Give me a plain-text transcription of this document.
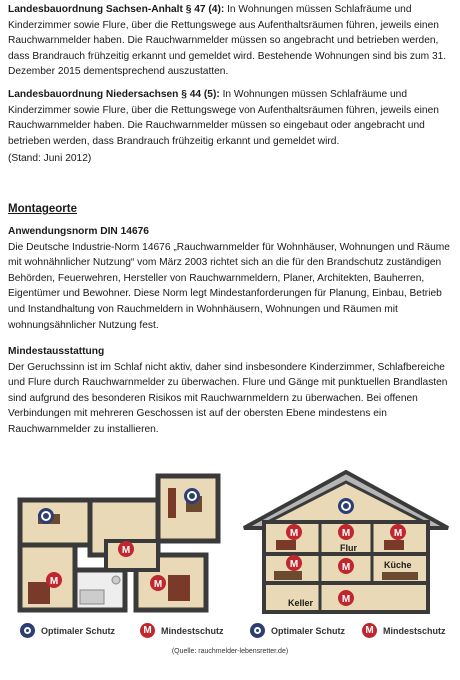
Landesbauordnung Sachsen-Anhalt § 47 (4): In Wohnungen müssen Schlafräume und Kinderzimmer sowie Flure, über die Rettungswege aus Aufenthaltsräumen führen, jeweils einen Rauchwarnmelder haben. Die Rauchwarnmelder müssen so angebracht und betrieben werden, dass Brandrauch frühzeitig erkannt und gemeldet wird. Bestehende Wohnungen sind bis zum 31. Dezember 2015 dementsprechend auszustatten.

Landesbauordnung Niedersachsen § 44 (5): In Wohnungen müssen Schlafräume und Kinderzimmer sowie Flure, über die Rettungswege von Aufenthaltsräumen führen, jeweils einen Rauchwarnmelder haben. Die Rauchwarnmelder müssen so eingebaut oder angebracht und betrieben werden, dass Brandrauch frühzeitig erkannt und gemeldet wird.

(Stand: Juni 2012)
Montageorte

Anwendungsnorm DIN 14676

Die Deutsche Industrie-Norm 14676 „Rauchwarnmelder für Wohnhäuser, Wohnungen und Räume mit wohnähnlicher Nutzung“ vom März 2003 richtet sich an die für den Brandschutz zuständigen Behörden, Feuerwehren, Hersteller von Rauchwarnmeldern, Planer, Architekten, Bauherren, Eigentümer und Bewohner. Diese Norm legt Mindestanforderungen für Planung, Einbau, Betrieb und Instandhaltung von Rauchmeldern in Wohnhäusern, Wohnungen und Räumen mit wohnungsähnlicher Nutzung fest.

Mindestausstattung

Der Geruchssinn ist im Schlaf nicht aktiv, daher sind insbesondere Kinderzimmer, Schlafbereiche und Flure durch Rauchwarnmelder zu überwachen. Flure und Gänge mit punktuellen Brandlasten sind aufgrund des besonderen Risikos mit Rauchwarnmeldern zu überwachen. Bei offenen Verbindungen mit mehreren Geschossen ist auf der obersten Ebene mindestens ein Rauchwarnmelder zu installieren.

M
M	M
Flur
Küche
Keller
M	M	M
M	M
M
Optimaler Schutz	M	Mindestschutz	Optimaler Schutz	M	Mindestschutz
(Quelle: rauchmelder-lebensretter.de)
